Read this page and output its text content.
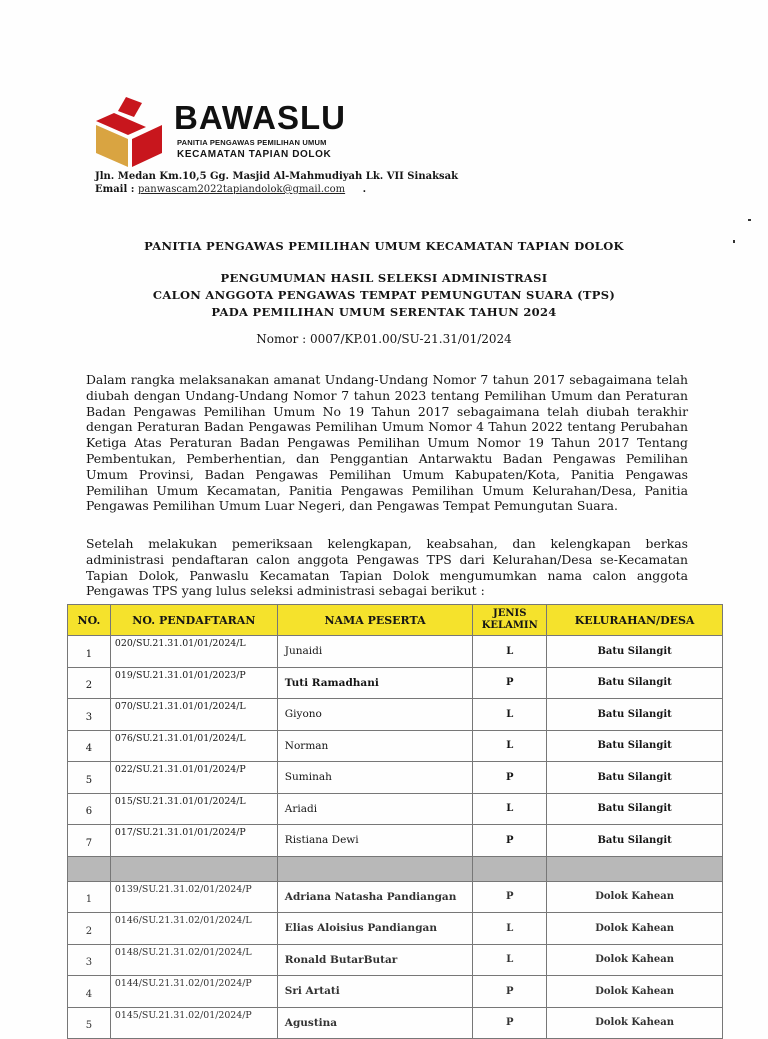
BAWASLU
PANITIA PENGAWAS PEMILIHAN UMUM
KECAMATAN TAPIAN DOLOK
Jln. Medan Km.10,5 Gg. Masjid Al-Mahmudiyah Lk. VII Sinaksak
Email : panwascam2022tapiandolok@gmail.com .
PANITIA PENGAWAS PEMILIHAN UMUM KECAMATAN TAPIAN DOLOK
PENGUMUMAN HASIL SELEKSI ADMINISTRASI
CALON ANGGOTA PENGAWAS TEMPAT PEMUNGUTAN SUARA (TPS)
PADA PEMILIHAN UMUM SERENTAK TAHUN 2024
Nomor : 0007/KP.01.00/SU-21.31/01/2024
Dalam rangka melaksanakan amanat Undang-Undang Nomor 7 tahun 2017 sebagaimana telah diubah dengan Undang-Undang Nomor 7 tahun 2023 tentang Pemilihan Umum dan Peraturan Badan Pengawas Pemilihan Umum No 19 Tahun 2017 sebagaimana telah diubah terakhir dengan Peraturan Badan Pengawas Pemilihan Umum Nomor 4 Tahun 2022 tentang Perubahan Ketiga Atas Peraturan Badan Pengawas Pemilihan Umum Nomor 19 Tahun 2017 Tentang Pembentukan, Pemberhentian, dan Penggantian Antarwaktu Badan Pengawas Pemilihan Umum Provinsi, Badan Pengawas Pemilihan Umum Kabupaten/Kota, Panitia Pengawas Pemilihan Umum Kecamatan, Panitia Pengawas Pemilihan Umum Kelurahan/Desa, Panitia Pengawas Pemilihan Umum Luar Negeri, dan Pengawas Tempat Pemungutan Suara.
Setelah melakukan pemeriksaan kelengkapan, keabsahan, dan kelengkapan berkas administrasi pendaftaran calon anggota Pengawas TPS dari Kelurahan/Desa se-Kecamatan Tapian Dolok, Panwaslu Kecamatan Tapian Dolok mengumumkan nama calon anggota Pengawas TPS yang lulus seleksi administrasi sebagai berikut :
NO.	NO. PENDAFTARAN	NAMA PESERTA	JENIS KELAMIN	KELURAHAN/DESA
1	020/SU.21.31.01/01/2024/L	Junaidi	L	Batu Silangit
2	019/SU.21.31.01/01/2023/P	Tuti Ramadhani	P	Batu Silangit
3	070/SU.21.31.01/01/2024/L	Giyono	L	Batu Silangit
4	076/SU.21.31.01/01/2024/L	Norman	L	Batu Silangit
5	022/SU.21.31.01/01/2024/P	Suminah	P	Batu Silangit
6	015/SU.21.31.01/01/2024/L	Ariadi	L	Batu Silangit
7	017/SU.21.31.01/01/2024/P	Ristiana Dewi	P	Batu Silangit

1	0139/SU.21.31.02/01/2024/P	Adriana Natasha Pandiangan	P	Dolok Kahean
2	0146/SU.21.31.02/01/2024/L	Elias Aloisius Pandiangan	L	Dolok Kahean
3	0148/SU.21.31.02/01/2024/L	Ronald ButarButar	L	Dolok Kahean
4	0144/SU.21.31.02/01/2024/P	Sri Artati	P	Dolok Kahean
5	0145/SU.21.31.02/01/2024/P	Agustina	P	Dolok Kahean
